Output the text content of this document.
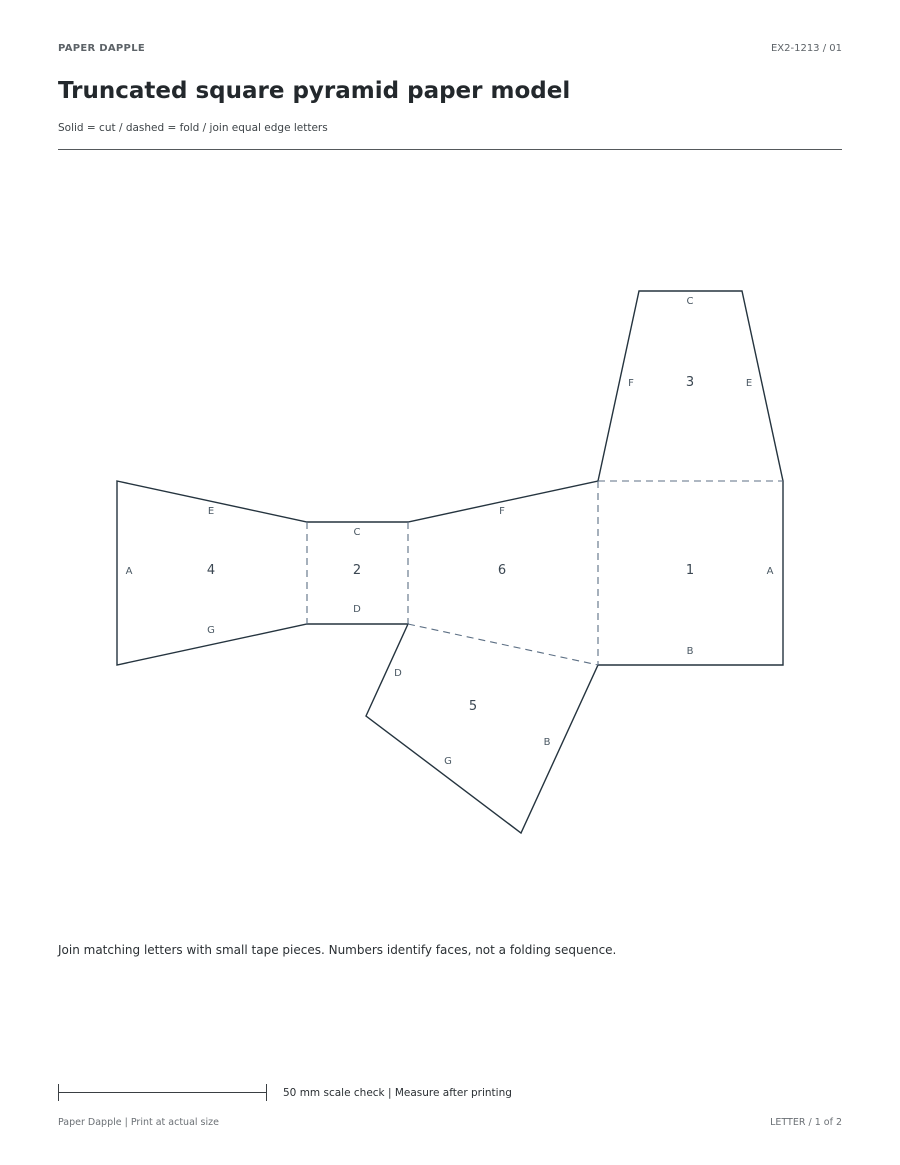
PAPER DAPPLE	EX2-1213 / 01
Truncated square pyramid paper model
Solid = cut / dashed = fold / join equal edge letters
1
2
3
4
5
6	A
B
C
D
C
F	E
E
A
G
D
B
G
F
Join matching letters with small tape pieces. Numbers identify faces, not a folding sequence.
50 mm scale check | Measure after printing
Paper Dapple | Print at actual size	LETTER / 1 of 2
